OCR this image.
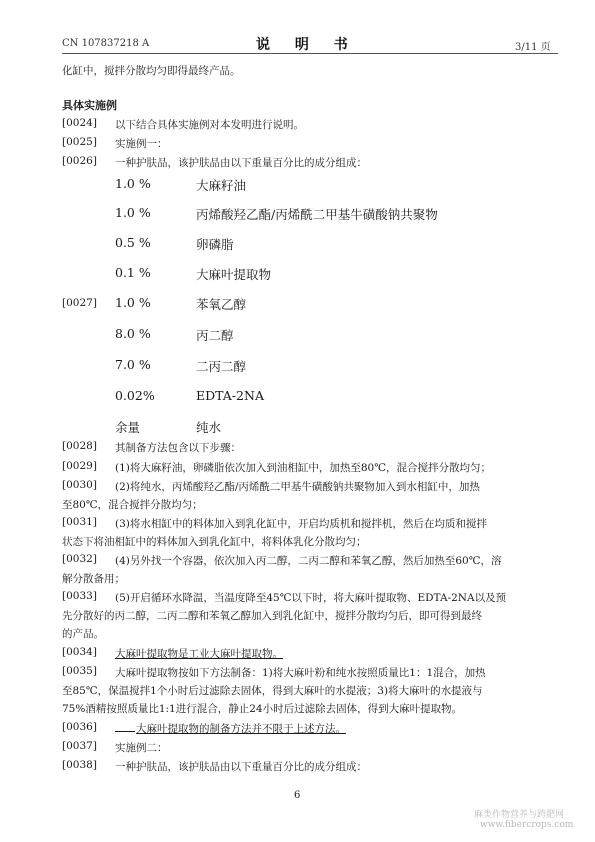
CN 107837218 A	说 明 书	3/11 页
化缸中，搅拌分散均匀即得最终产品。
具体实施例
[0024] 以下结合具体实施例对本发明进行说明。
[0025] 实施例一：
[0026] 一种护肤品，该护肤品由以下重量百分比的成分组成：
1.0 %	大麻籽油
1.0 %	丙烯酸羟乙酯/丙烯酰二甲基牛磺酸钠共聚物
0.5 %	卵磷脂
0.1 %	大麻叶提取物
[0027] 1.0 %	苯氧乙醇
8.0 %	丙二醇
7.0 %	二丙二醇
0.02%	EDTA-2NA
余量	纯水
[0028] 其制备方法包含以下步骤：
[0029] (1)将大麻籽油，卵磷脂依次加入到油相缸中，加热至80℃，混合搅拌分散均匀；
[0030] (2)将纯水，丙烯酸羟乙酯/丙烯酰二甲基牛磺酸钠共聚物加入到水相缸中，加热
至80℃，混合搅拌分散均匀；
[0031] (3)将水相缸中的料体加入到乳化缸中，开启均质机和搅拌机，然后在均质和搅拌
状态下将油相缸中的料体加入到乳化缸中，将料体乳化分散均匀；
[0032] (4)另外找一个容器，依次加入丙二醇，二丙二醇和苯氧乙醇，然后加热至60℃，溶
解分散备用；
[0033] (5)开启循环水降温，当温度降至45℃以下时，将大麻叶提取物、EDTA-2NA以及预
先分散好的丙二醇，二丙二醇和苯氧乙醇加入到乳化缸中，搅拌分散均匀后，即可得到最终
的产品。
[0034] 大麻叶提取物是工业大麻叶提取物。
[0035] 大麻叶提取物按如下方法制备：1)将大麻叶粉和纯水按照质量比1：1混合，加热
至85℃，保温搅拌1个小时后过滤除去固体，得到大麻叶的水提液；3)将大麻叶的水提液与
75%酒精按照质量比1:1进行混合，静止24小时后过滤除去固体，得到大麻叶提取物。
[0036]	大麻叶提取物的制备方法并不限于上述方法。
[0037] 实施例二：
[0038] 一种护肤品，该护肤品由以下重量百分比的成分组成：
6
麻类作物营养与跨肥网
www.fibercrops.com
